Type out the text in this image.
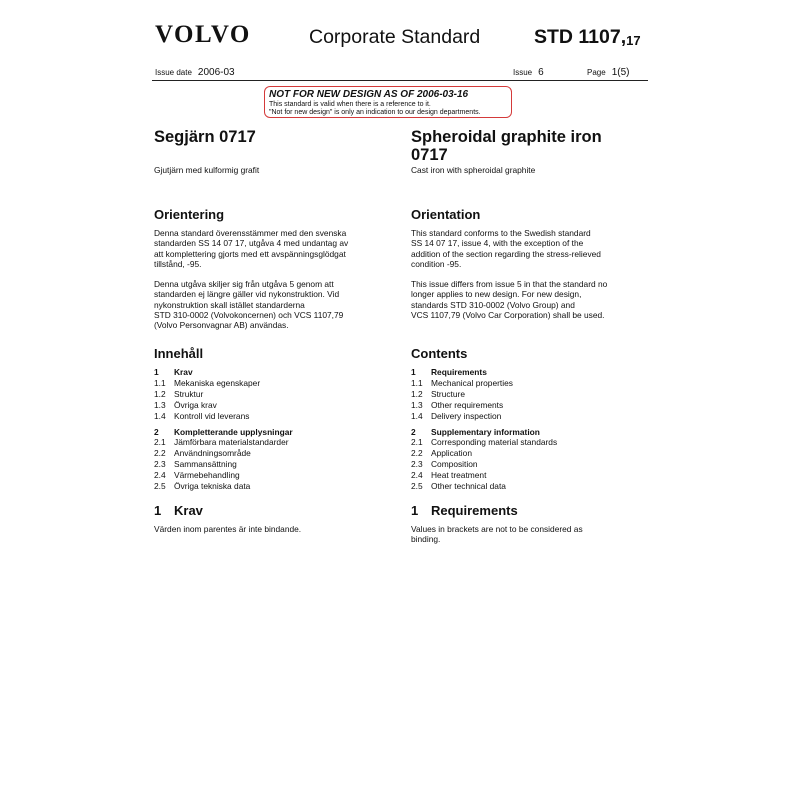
VOLVO	Corporate Standard	STD $1107,_{17}$
Issue date 2006-03	Issue 6	Page 1(5)
NOT FOR NEW DESIGN AS OF 2006-03-16
This standard is valid when there is a reference to it.
"Not for new design" is only an indication to our design departments.
Segjärn 0717
Gjutjärn med kulformig grafit
Orientering
Denna standard överensstämmer med den svenska
standarden SS 14 07 17, utgåva 4 med undantag av
att komplettering gjorts med ett avspänningsglödgat
tillstånd, -95.
Denna utgåva skiljer sig från utgåva 5 genom att
standarden ej längre gäller vid nykonstruktion. Vid
nykonstruktion skall istället standarderna
STD 310-0002 (Volvokoncernen) och VCS 1107,79
(Volvo Personvagnar AB) användas.
Innehåll
1	Krav
1.1 Mekaniska egenskaper
1.2 Struktur
1.3 Övriga krav
1.4 Kontroll vid leverans
2	Kompletterande upplysningar
2.1 Jämförbara materialstandarder
2.2 Användningsområde
2.3 Sammansättning
2.4 Värmebehandling
2.5 Övriga tekniska data
1 Krav
Värden inom parentes är inte bindande.
Spheroidal graphite iron
0717
Cast iron with spheroidal graphite
Orientation
This standard conforms to the Swedish standard
SS 14 07 17, issue 4, with the exception of the
addition of the section regarding the stress-relieved
condition -95.
This issue differs from issue 5 in that the standard no
longer applies to new design. For new design,
standards STD 310-0002 (Volvo Group) and
VCS 1107,79 (Volvo Car Corporation) shall be used.
Contents
1	Requirements
1.1 Mechanical properties
1.2 Structure
1.3 Other requirements
1.4 Delivery inspection
2	Supplementary information
2.1 Corresponding material standards
2.2 Application
2.3 Composition
2.4 Heat treatment
2.5 Other technical data
1 Requirements
Values in brackets are not to be considered as
binding.
